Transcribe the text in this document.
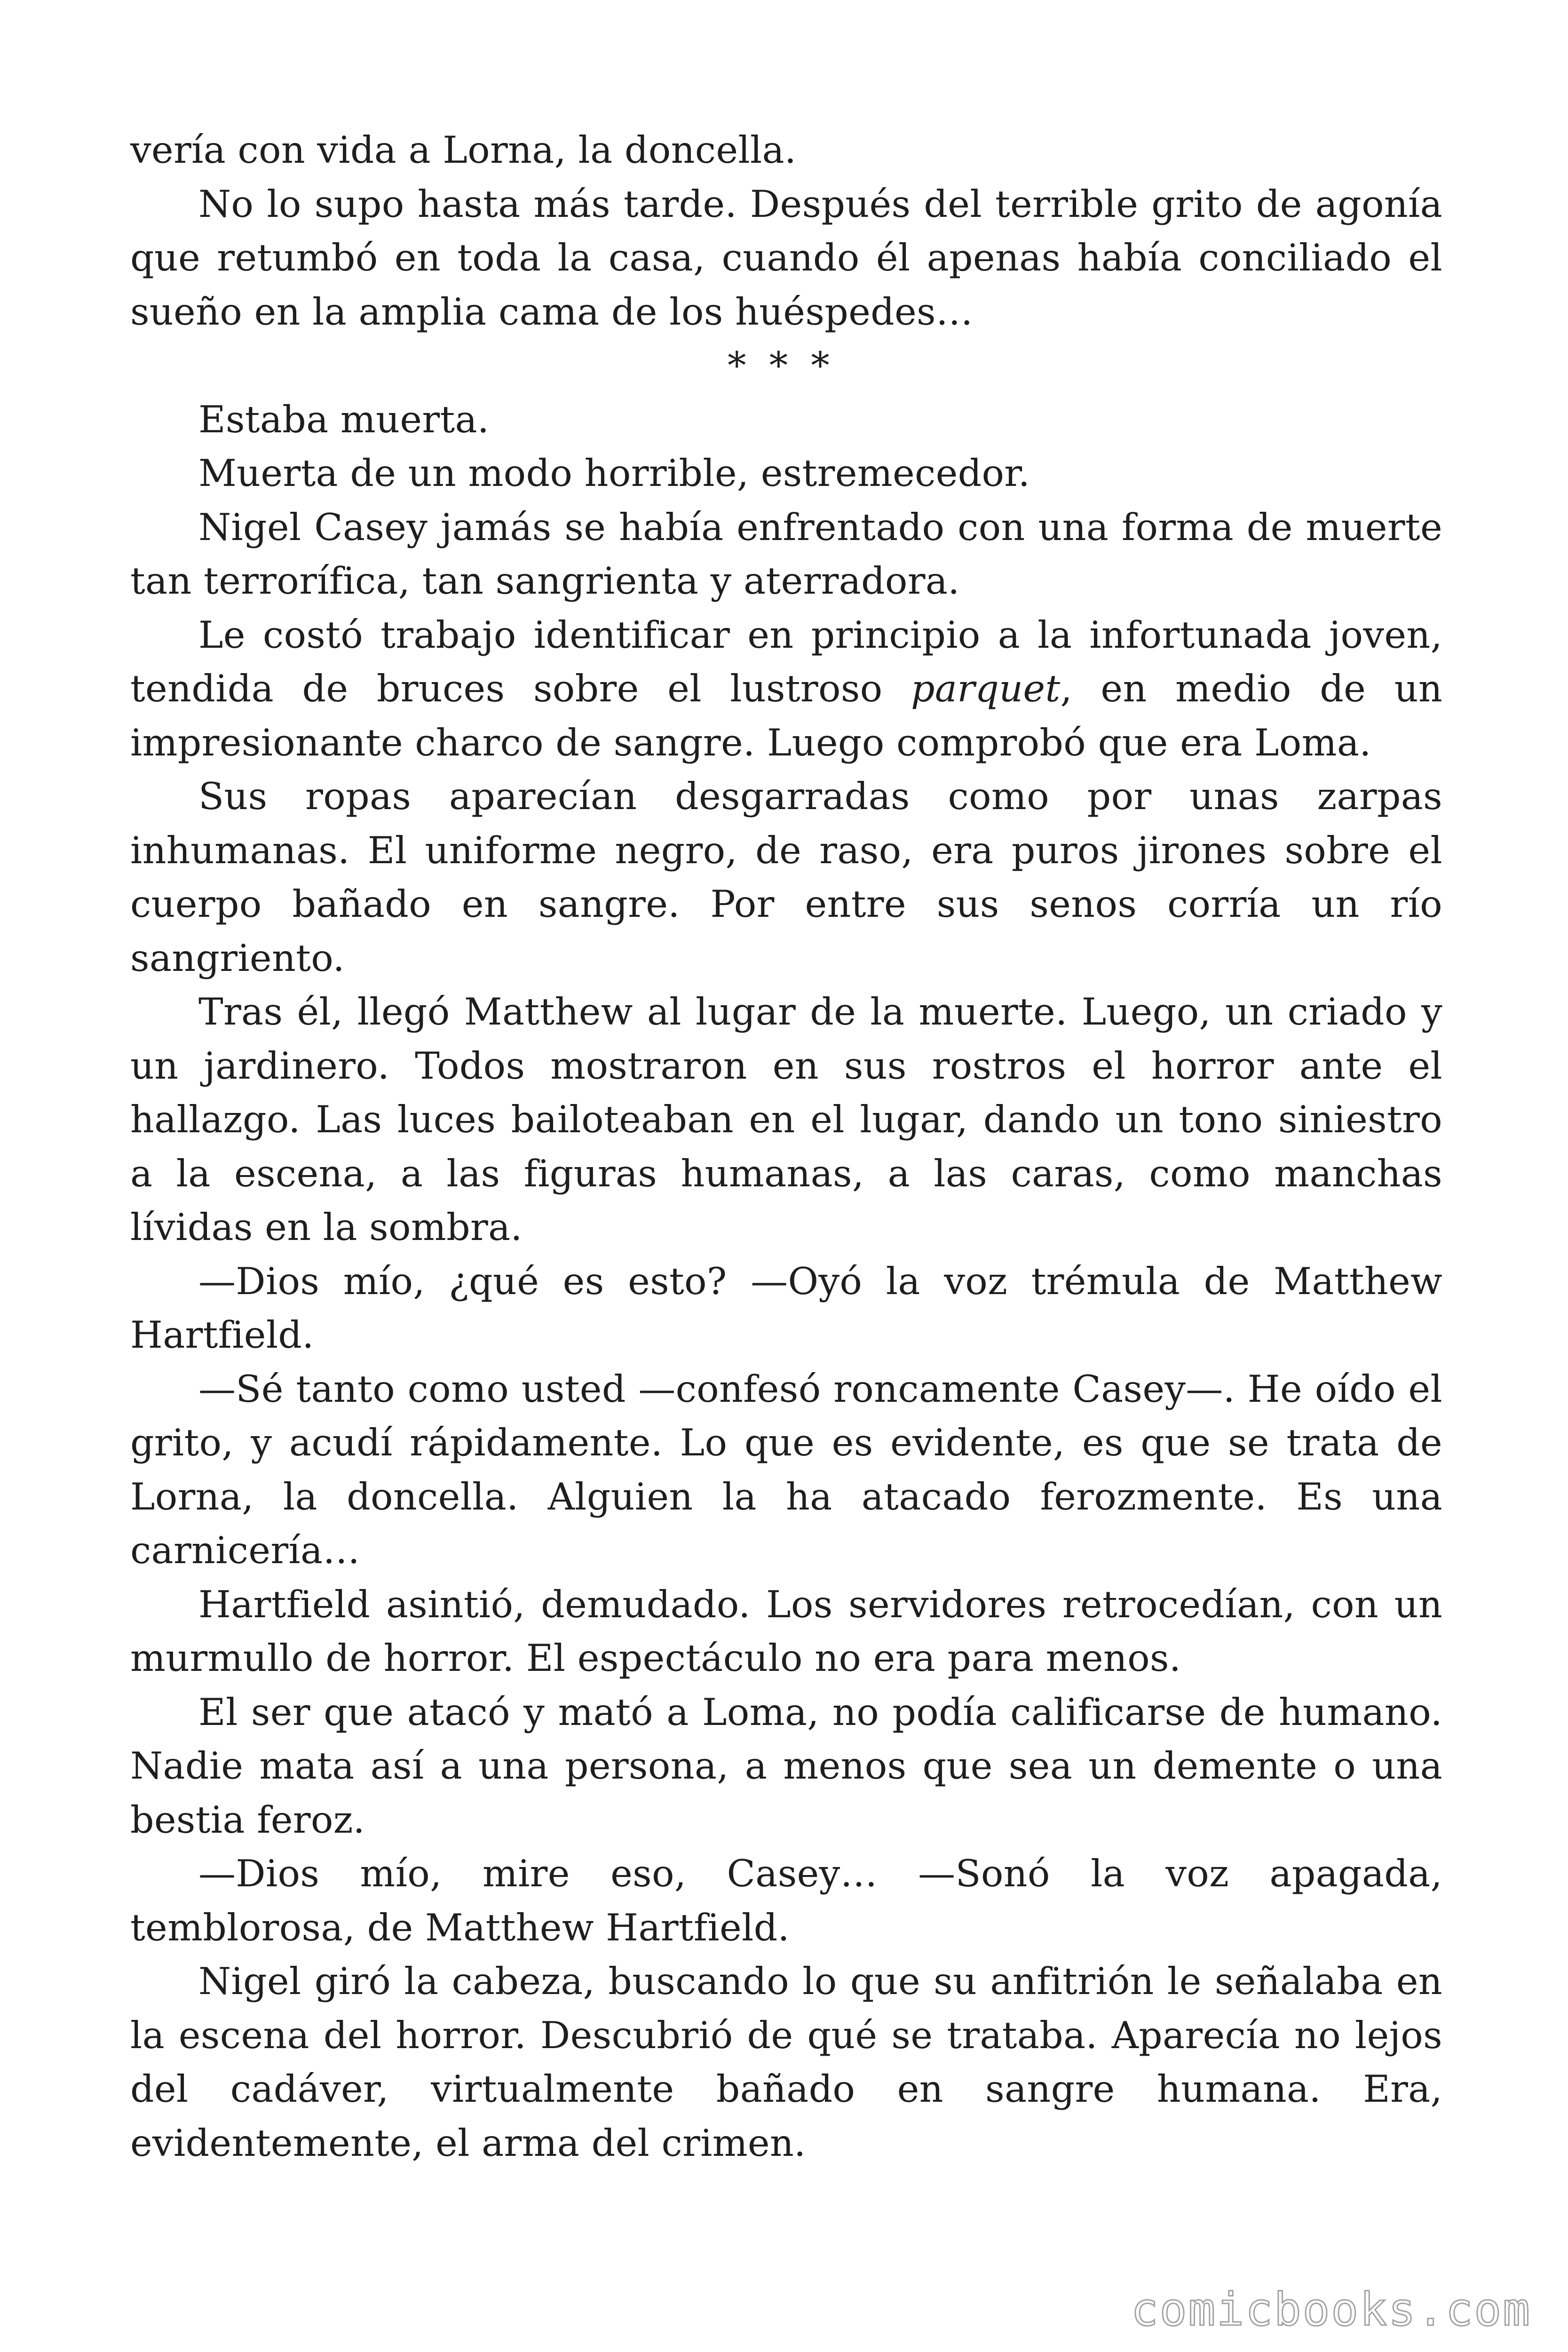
vería con vida a Lorna, la doncella.

No lo supo hasta más tarde. Después del terrible grito de agonía que retumbó en toda la casa, cuando él apenas había conciliado el sueño en la amplia cama de los huéspedes…

* * *

Estaba muerta.

Muerta de un modo horrible, estremecedor.

Nigel Casey jamás se había enfrentado con una forma de muerte tan terrorífica, tan sangrienta y aterradora.

Le costó trabajo identificar en principio a la infortunada joven, tendida de bruces sobre el lustroso parquet, en medio de un impresionante charco de sangre. Luego comprobó que era Loma.

Sus ropas aparecían desgarradas como por unas zarpas inhumanas. El uniforme negro, de raso, era puros jirones sobre el cuerpo bañado en sangre. Por entre sus senos corría un río sangriento.

Tras él, llegó Matthew al lugar de la muerte. Luego, un criado y un jardinero. Todos mostraron en sus rostros el horror ante el hallazgo. Las luces bailoteaban en el lugar, dando un tono siniestro a la escena, a las figuras humanas, a las caras, como manchas lívidas en la sombra.

—Dios mío, ¿qué es esto? —Oyó la voz trémula de Matthew Hartfield.

—Sé tanto como usted —confesó roncamente Casey—. He oído el grito, y acudí rápidamente. Lo que es evidente, es que se trata de Lorna, la doncella. Alguien la ha atacado ferozmente. Es una carnicería…

Hartfield asintió, demudado. Los servidores retrocedían, con un murmullo de horror. El espectáculo no era para menos.

El ser que atacó y mató a Loma, no podía calificarse de humano. Nadie mata así a una persona, a menos que sea un demente o una bestia feroz.

—Dios mío, mire eso, Casey… —Sonó la voz apagada, temblorosa, de Matthew Hartfield.

Nigel giró la cabeza, buscando lo que su anfitrión le señalaba en la escena del horror. Descubrió de qué se trataba. Aparecía no lejos del cadáver, virtualmente bañado en sangre humana. Era, evidentemente, el arma del crimen.

comicbooks.com
